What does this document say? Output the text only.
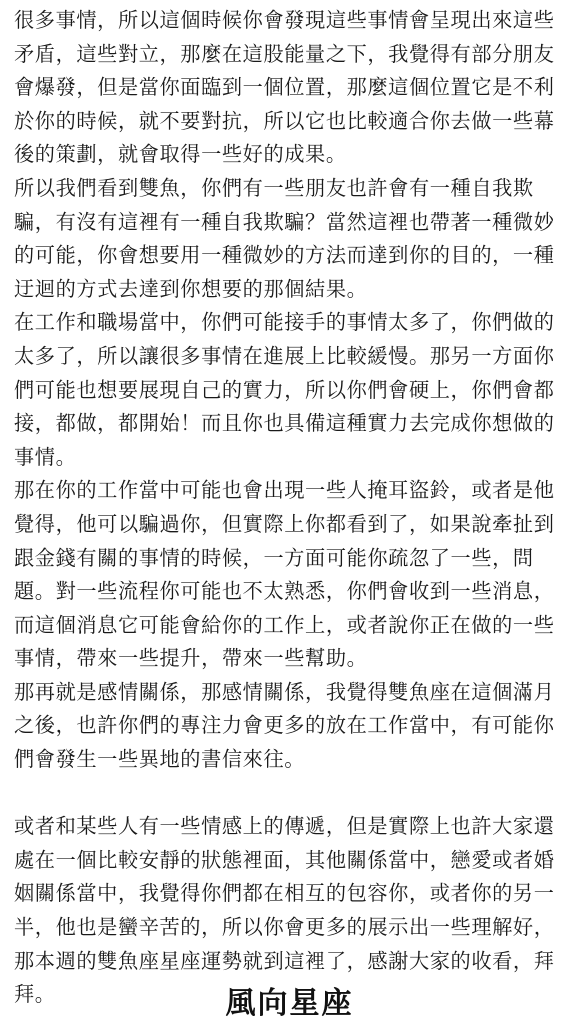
很多事情，所以這個時候你會發現這些事情會呈現出來這些矛盾，這些對立，那麼在這股能量之下，我覺得有部分朋友會爆發，但是當你面臨到一個位置，那麼這個位置它是不利於你的時候，就不要對抗，所以它也比較適合你去做一些幕後的策劃，就會取得一些好的成果。

所以我們看到雙魚，你們有一些朋友也許會有一種自我欺騙，有沒有這裡有一種自我欺騙？當然這裡也帶著一種微妙的可能，你會想要用一種微妙的方法而達到你的目的，一種迂迴的方式去達到你想要的那個結果。

在工作和職場當中，你們可能接手的事情太多了，你們做的太多了，所以讓很多事情在進展上比較緩慢。那另一方面你們可能也想要展現自己的實力，所以你們會硬上，你們會都接，都做，都開始！而且你也具備這種實力去完成你想做的事情。

那在你的工作當中可能也會出現一些人掩耳盜鈴，或者是他覺得，他可以騙過你，但實際上你都看到了，如果說牽扯到跟金錢有關的事情的時候，一方面可能你疏忽了一些，問題。對一些流程你可能也不太熟悉，你們會收到一些消息，而這個消息它可能會給你的工作上，或者說你正在做的一些事情，帶來一些提升，帶來一些幫助。

那再就是感情關係，那感情關係，我覺得雙魚座在這個滿月之後，也許你們的專注力會更多的放在工作當中，有可能你們會發生一些異地的書信來往。

或者和某些人有一些情感上的傳遞，但是實際上也許大家還處在一個比較安靜的狀態裡面，其他關係當中，戀愛或者婚姻關係當中，我覺得你們都在相互的包容你，或者你的另一半，他也是蠻辛苦的，所以你會更多的展示出一些理解好，那本週的雙魚座星座運勢就到這裡了，感謝大家的收看，拜拜。	風向星座
